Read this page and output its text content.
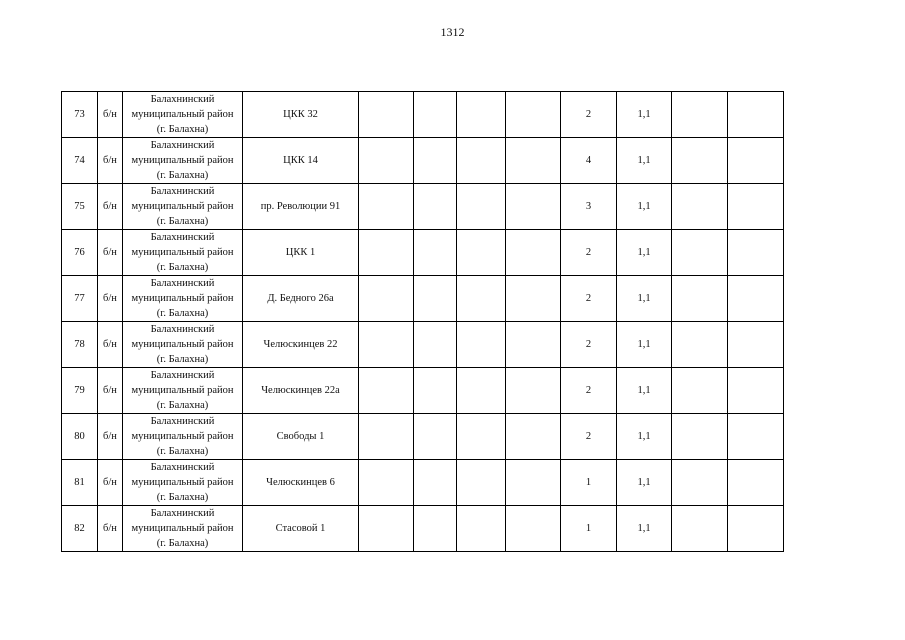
1312
73	б/н	Балахнинский
муниципальный район
(г. Балахна)	ЦКК 32					2	1,1		
74	б/н	Балахнинский
муниципальный район
(г. Балахна)	ЦКК 14					4	1,1		
75	б/н	Балахнинский
муниципальный район
(г. Балахна)	пр. Революции 91					3	1,1		
76	б/н	Балахнинский
муниципальный район
(г. Балахна)	ЦКК 1					2	1,1		
77	б/н	Балахнинский
муниципальный район
(г. Балахна)	Д. Бедного 26а					2	1,1		
78	б/н	Балахнинский
муниципальный район
(г. Балахна)	Челюскинцев 22					2	1,1		
79	б/н	Балахнинский
муниципальный район
(г. Балахна)	Челюскинцев 22а					2	1,1		
80	б/н	Балахнинский
муниципальный район
(г. Балахна)	Свободы 1					2	1,1		
81	б/н	Балахнинский
муниципальный район
(г. Балахна)	Челюскинцев 6					1	1,1		
82	б/н	Балахнинский
муниципальный район
(г. Балахна)	Стасовой 1					1	1,1		
